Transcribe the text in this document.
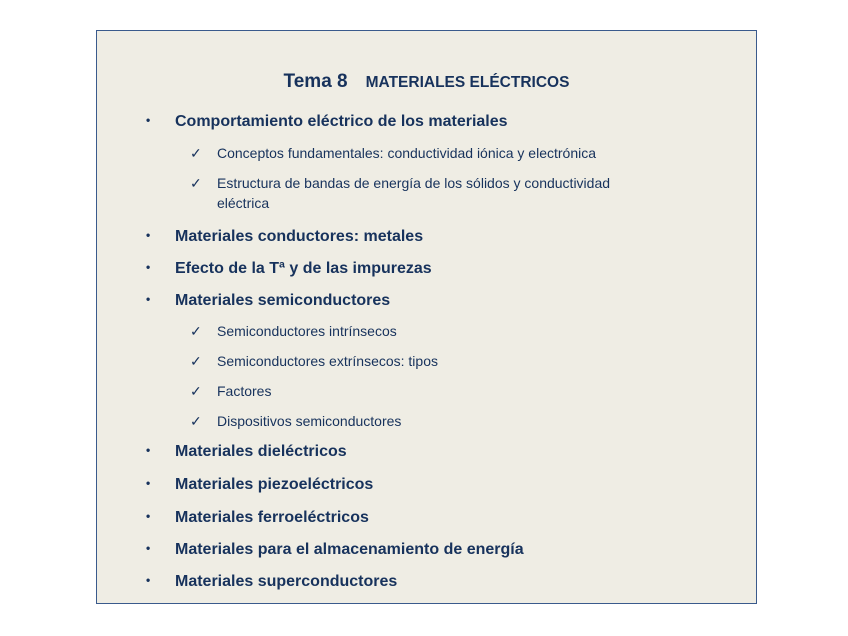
Tema 8 MATERIALES ELÉCTRICOS
• Comportamiento eléctrico de los materiales
✓ Conceptos fundamentales: conductividad iónica y electrónica
✓ Estructura de bandas de energía de los sólidos y conductividad
eléctrica
• Materiales conductores: metales
• Efecto de la Tª y de las impurezas
• Materiales semiconductores
✓ Semiconductores intrínsecos
✓ Semiconductores extrínsecos: tipos
✓ Factores
✓ Dispositivos semiconductores
• Materiales dieléctricos
• Materiales piezoeléctricos
• Materiales ferroeléctricos
• Materiales para el almacenamiento de energía
• Materiales superconductores
